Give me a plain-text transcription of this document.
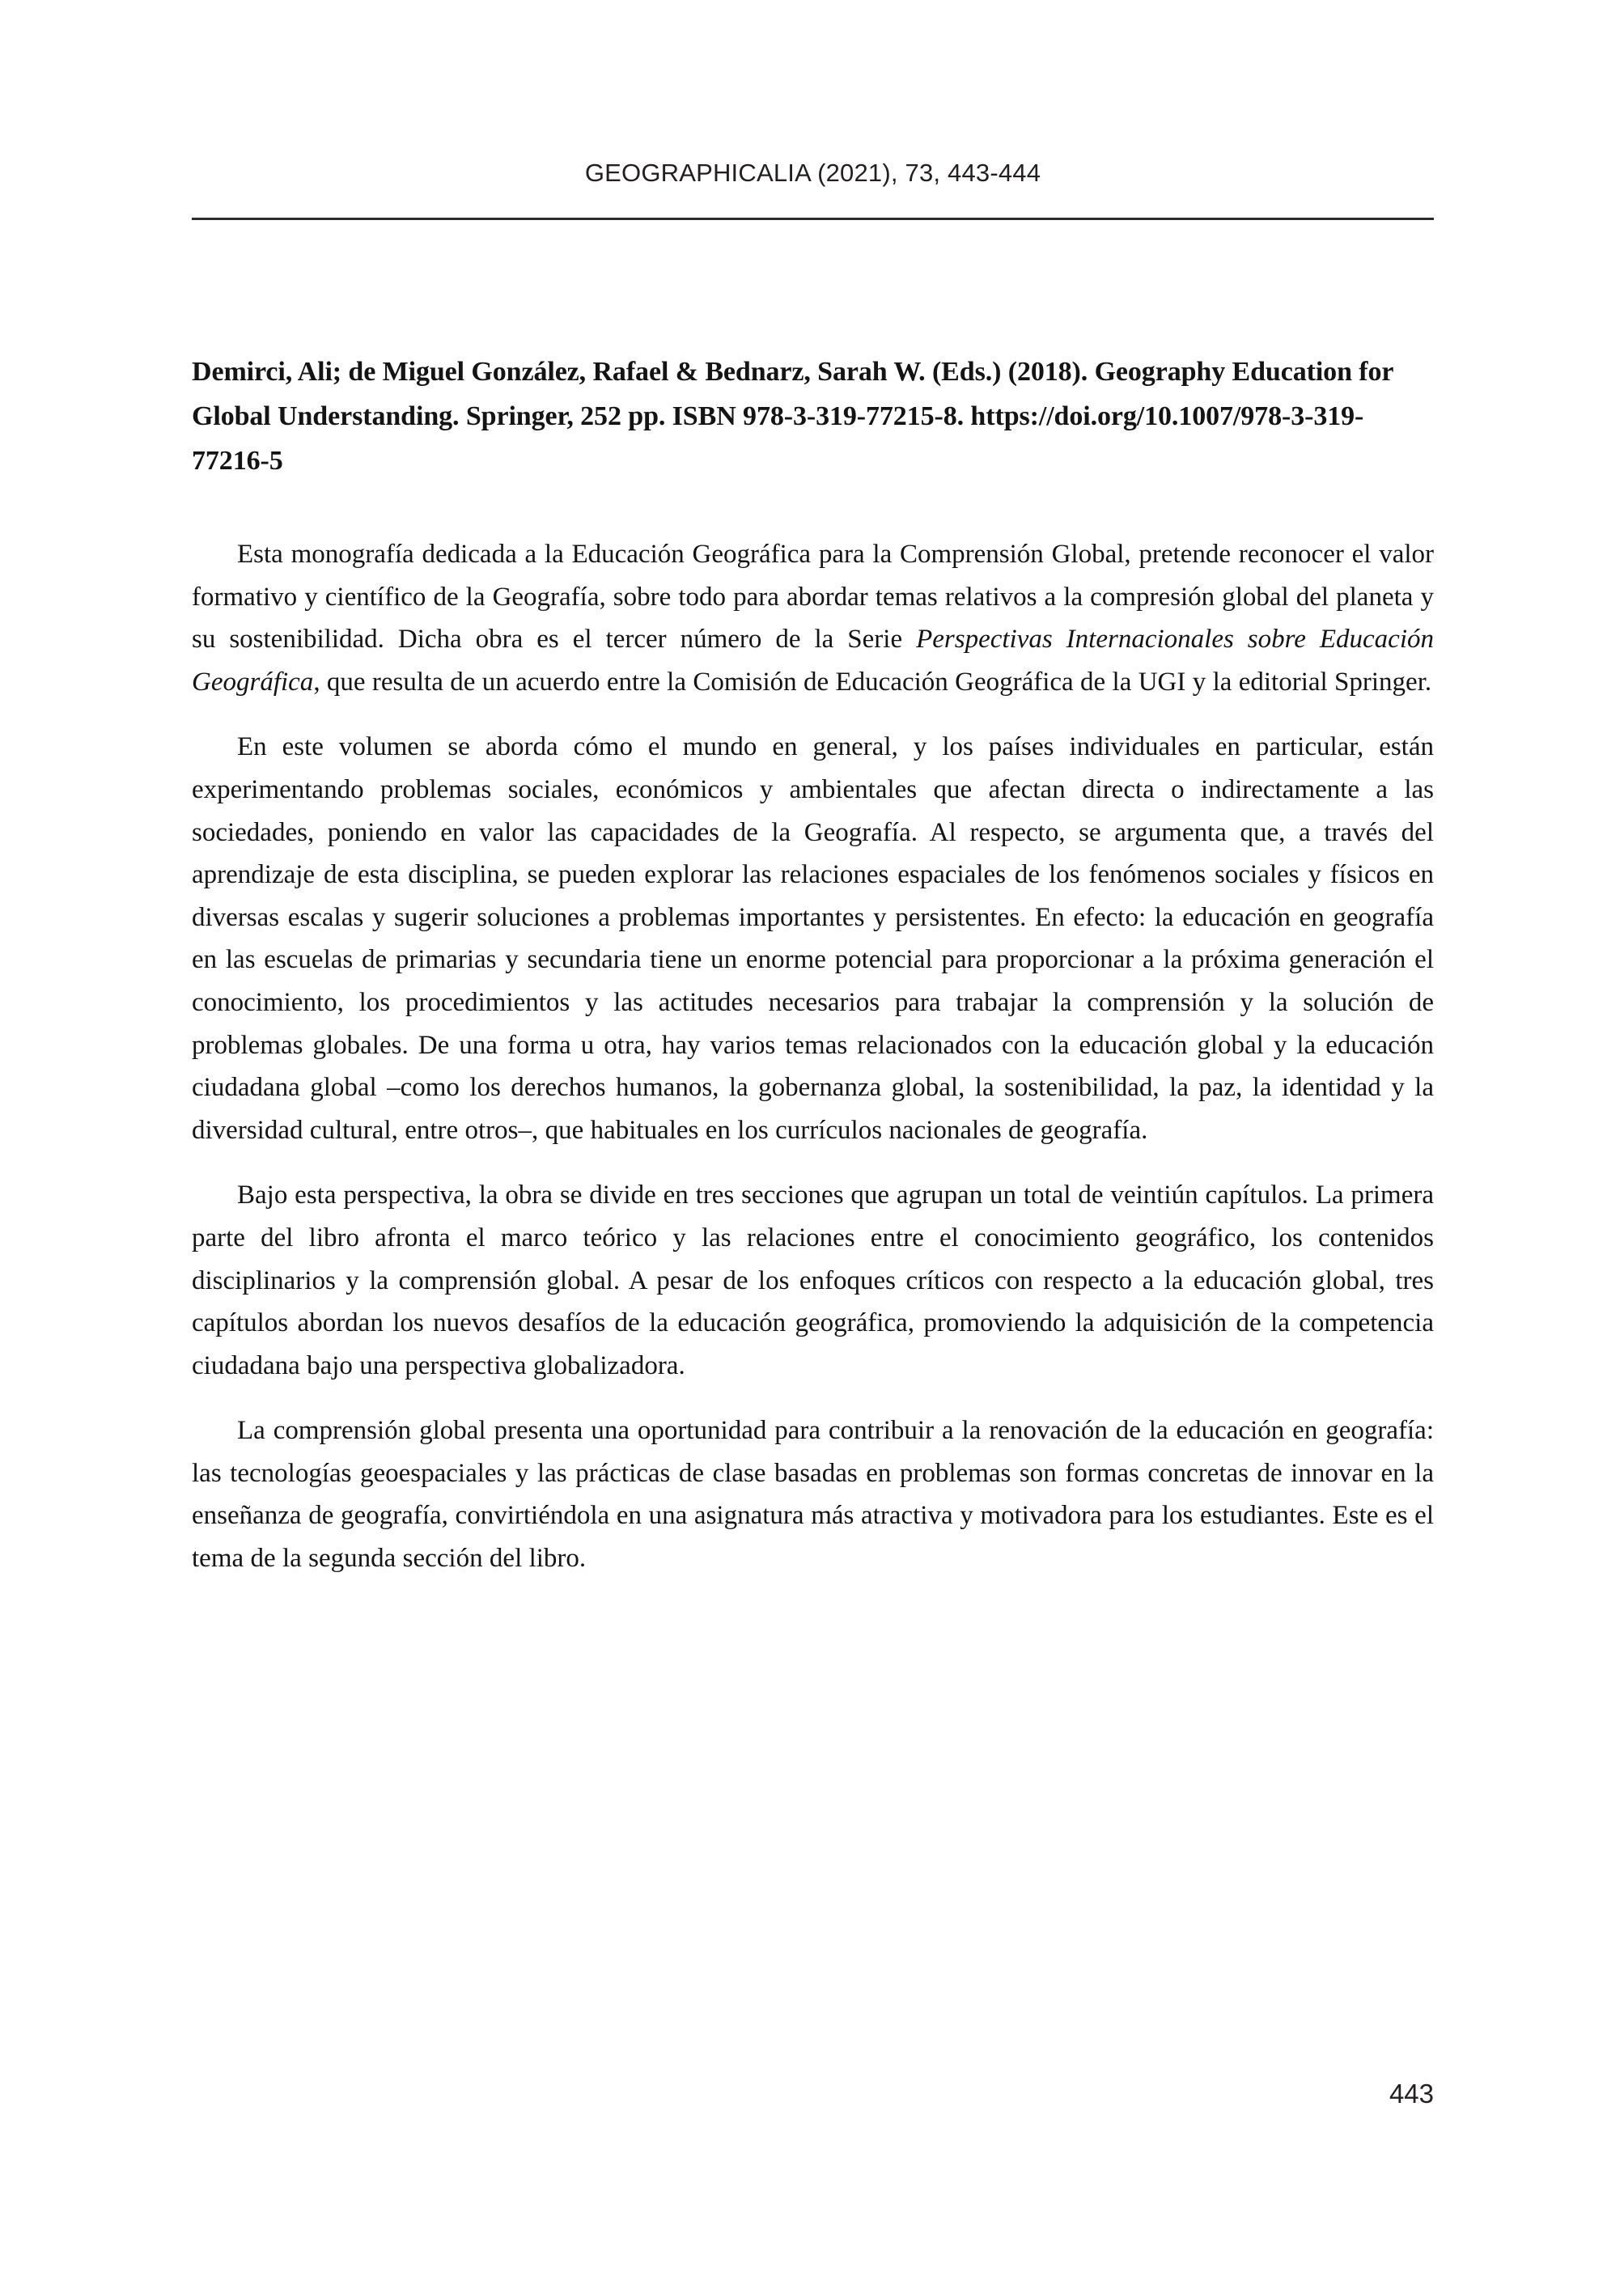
GEOGRAPHICALIA (2021), 73, 443-444

Demirci, Ali; de Miguel González, Rafael & Bednarz, Sarah W. (Eds.) (2018). Geography Education for Global Understanding. Springer, 252 pp. ISBN 978-3-319-77215-8. https://doi.org/10.1007/978-3-319-77216-5

Esta monografía dedicada a la Educación Geográfica para la Comprensión Global, pretende reconocer el valor formativo y científico de la Geografía, sobre todo para abordar temas relativos a la compresión global del planeta y su sostenibilidad. Dicha obra es el tercer número de la Serie Perspectivas Internacionales sobre Educación Geográfica, que resulta de un acuerdo entre la Comisión de Educación Geográfica de la UGI y la editorial Springer.

En este volumen se aborda cómo el mundo en general, y los países individuales en particular, están experimentando problemas sociales, económicos y ambientales que afectan directa o indirectamente a las sociedades, poniendo en valor las capacidades de la Geografía. Al respecto, se argumenta que, a través del aprendizaje de esta disciplina, se pueden explorar las relaciones espaciales de los fenómenos sociales y físicos en diversas escalas y sugerir soluciones a problemas importantes y persistentes. En efecto: la educación en geografía en las escuelas de primarias y secundaria tiene un enorme potencial para proporcionar a la próxima generación el conocimiento, los procedimientos y las actitudes necesarios para trabajar la comprensión y la solución de problemas globales. De una forma u otra, hay varios temas relacionados con la educación global y la educación ciudadana global –como los derechos humanos, la gobernanza global, la sostenibilidad, la paz, la identidad y la diversidad cultural, entre otros–, que habituales en los currículos nacionales de geografía.

Bajo esta perspectiva, la obra se divide en tres secciones que agrupan un total de veintiún capítulos. La primera parte del libro afronta el marco teórico y las relaciones entre el conocimiento geográfico, los contenidos disciplinarios y la comprensión global. A pesar de los enfoques críticos con respecto a la educación global, tres capítulos abordan los nuevos desafíos de la educación geográfica, promoviendo la adquisición de la competencia ciudadana bajo una perspectiva globalizadora.

La comprensión global presenta una oportunidad para contribuir a la renovación de la educación en geografía: las tecnologías geoespaciales y las prácticas de clase basadas en problemas son formas concretas de innovar en la enseñanza de geografía, convirtiéndola en una asignatura más atractiva y motivadora para los estudiantes. Este es el tema de la segunda sección del libro.

443
